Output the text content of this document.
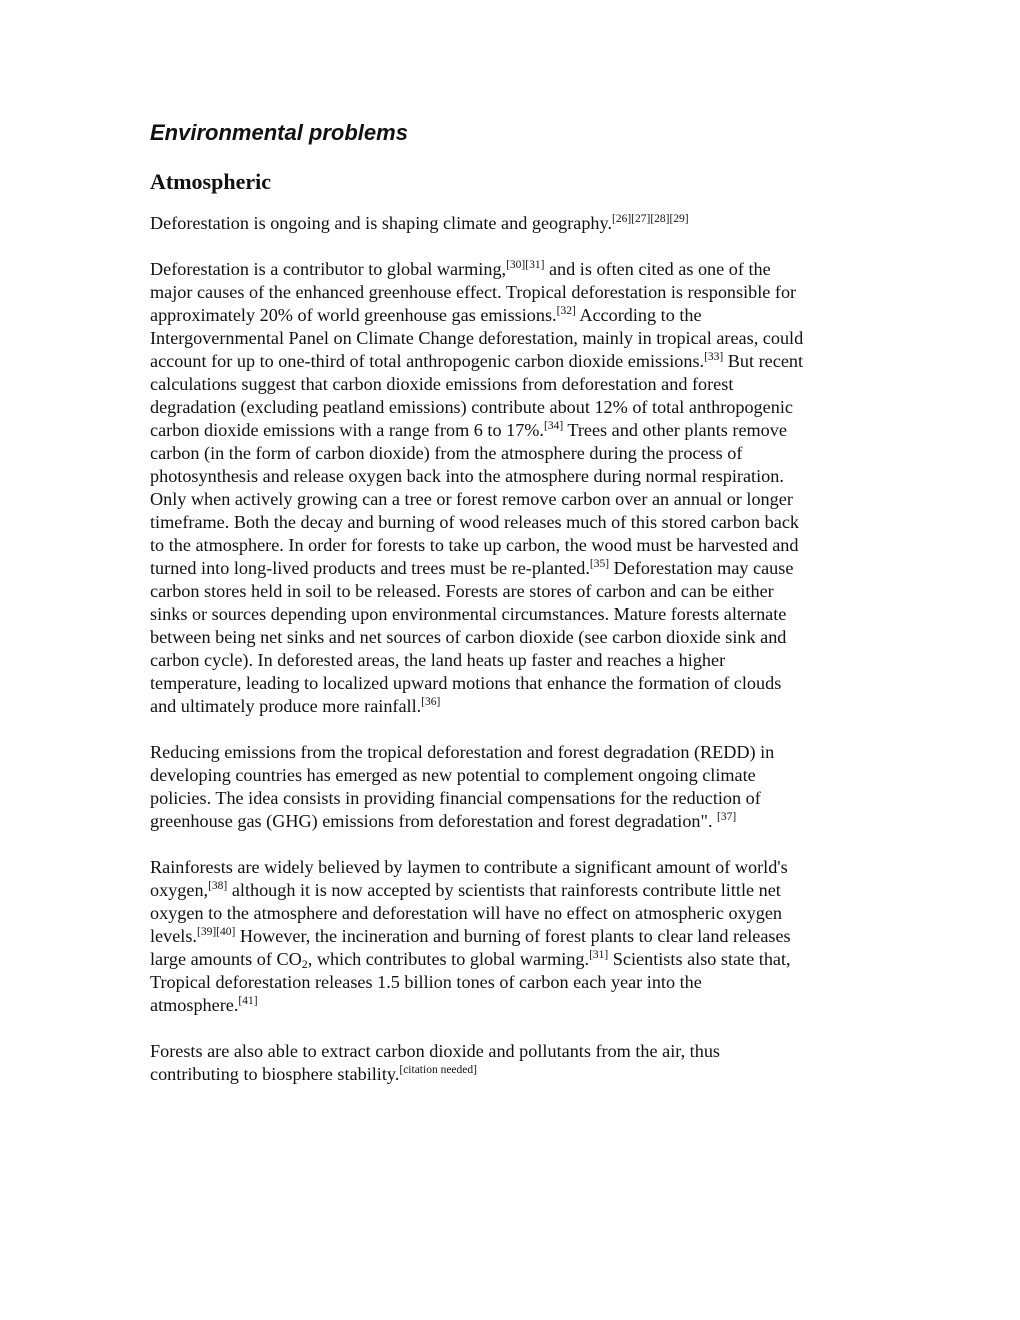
Environmental problems
Atmospheric
Deforestation is ongoing and is shaping climate and geography.[26][27][28][29]
Deforestation is a contributor to global warming,[30][31] and is often cited as one of the
major causes of the enhanced greenhouse effect. Tropical deforestation is responsible for
approximately 20% of world greenhouse gas emissions.[32] According to the
Intergovernmental Panel on Climate Change deforestation, mainly in tropical areas, could
account for up to one-third of total anthropogenic carbon dioxide emissions.[33] But recent
calculations suggest that carbon dioxide emissions from deforestation and forest
degradation (excluding peatland emissions) contribute about 12% of total anthropogenic
carbon dioxide emissions with a range from 6 to 17%.[34] Trees and other plants remove
carbon (in the form of carbon dioxide) from the atmosphere during the process of
photosynthesis and release oxygen back into the atmosphere during normal respiration.
Only when actively growing can a tree or forest remove carbon over an annual or longer
timeframe. Both the decay and burning of wood releases much of this stored carbon back
to the atmosphere. In order for forests to take up carbon, the wood must be harvested and
turned into long-lived products and trees must be re-planted.[35] Deforestation may cause
carbon stores held in soil to be released. Forests are stores of carbon and can be either
sinks or sources depending upon environmental circumstances. Mature forests alternate
between being net sinks and net sources of carbon dioxide (see carbon dioxide sink and
carbon cycle). In deforested areas, the land heats up faster and reaches a higher
temperature, leading to localized upward motions that enhance the formation of clouds
and ultimately produce more rainfall.[36]
Reducing emissions from the tropical deforestation and forest degradation (REDD) in
developing countries has emerged as new potential to complement ongoing climate
policies. The idea consists in providing financial compensations for the reduction of
greenhouse gas (GHG) emissions from deforestation and forest degradation". [37]
Rainforests are widely believed by laymen to contribute a significant amount of world's
oxygen,[38] although it is now accepted by scientists that rainforests contribute little net
oxygen to the atmosphere and deforestation will have no effect on atmospheric oxygen
levels.[39][40] However, the incineration and burning of forest plants to clear land releases
large amounts of $CO_2$, which contributes to global warming.[31] Scientists also state that,
Tropical deforestation releases 1.5 billion tones of carbon each year into the
atmosphere.[41]
Forests are also able to extract carbon dioxide and pollutants from the air, thus
contributing to biosphere stability.[citation needed]
